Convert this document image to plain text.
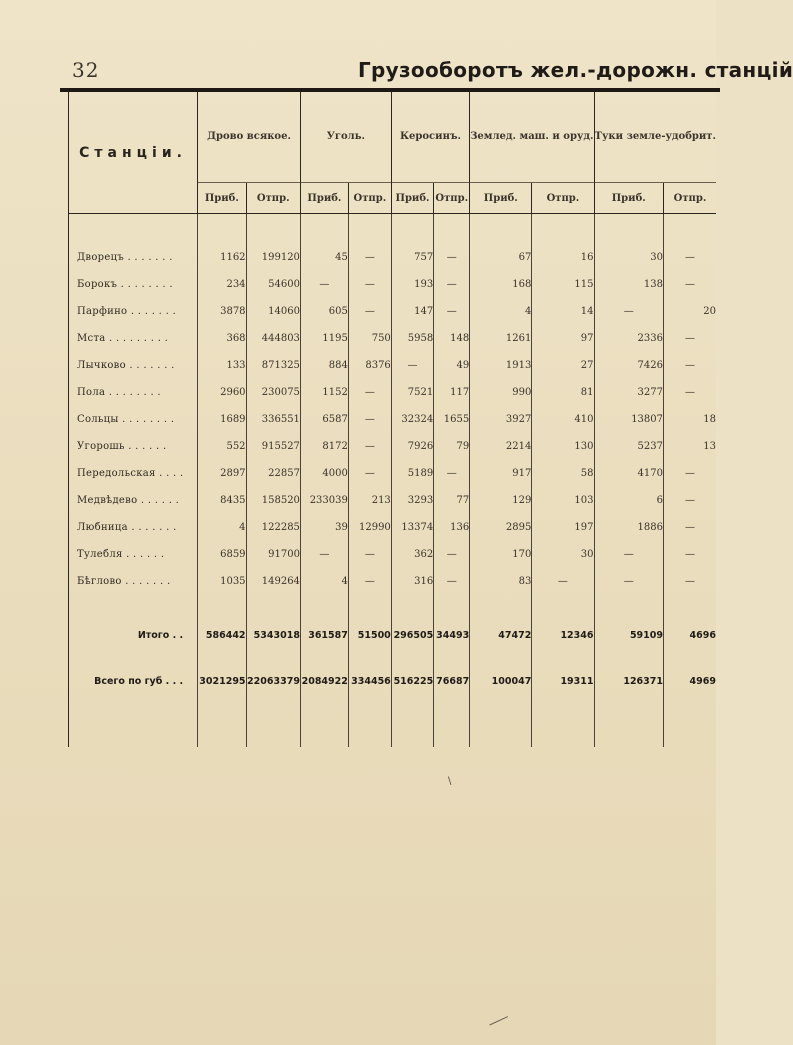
32	Грузооборотъ жел.-дорожн. станцій
Станціи.	Дрово всякое.		Уголь.		Керосинъ.		Землед. маш. и оруд.		Туки земле-удобрит.	
	Приб.	Отпр.	Приб.	Отпр.	Приб.	Отпр.	Приб.	Отпр.	Приб.	Отпр.

Дворецъ . . . . . . .	1162	199120	45	—	757	—	67	16	30	—
Борокъ . . . . . . . .	234	54600	—	—	193	—	168	115	138	—
Парфино . . . . . . .	3878	14060	605	—	147	—	4	14	—	20
Мста . . . . . . . . .	368	444803	1195	750	5958	148	1261	97	2336	—
Лычково . . . . . . .	133	871325	884	8376	—	49	1913	27	7426	—
Пола . . . . . . . .	2960	230075	1152	—	7521	117	990	81	3277	—
Сольцы . . . . . . . .	1689	336551	6587	—	32324	1655	3927	410	13807	18
Угорошь . . . . . .	552	915527	8172	—	7926	79	2214	130	5237	13
Передольская . . . .	2897	22857	4000	—	5189	—	917	58	4170	—
Медвѣдево . . . . . .	8435	158520	233039	213	3293	77	129	103	6	—
Любница . . . . . . .	4	122285	39	12990	13374	136	2895	197	1886	—
Тулебля . . . . . .	6859	91700	—	—	362	—	170	30	—	—
Бѣглово . . . . . . .	1035	149264	4	—	316	—	83	—	—	—

Итого . .	586442	5343018	361587	51500	296505	34493	47472	12346	59109	4696
Всего по губ . . .	3021295	22063379	2084922	334456	516225	76687	100047	19311	126371	4969

\
